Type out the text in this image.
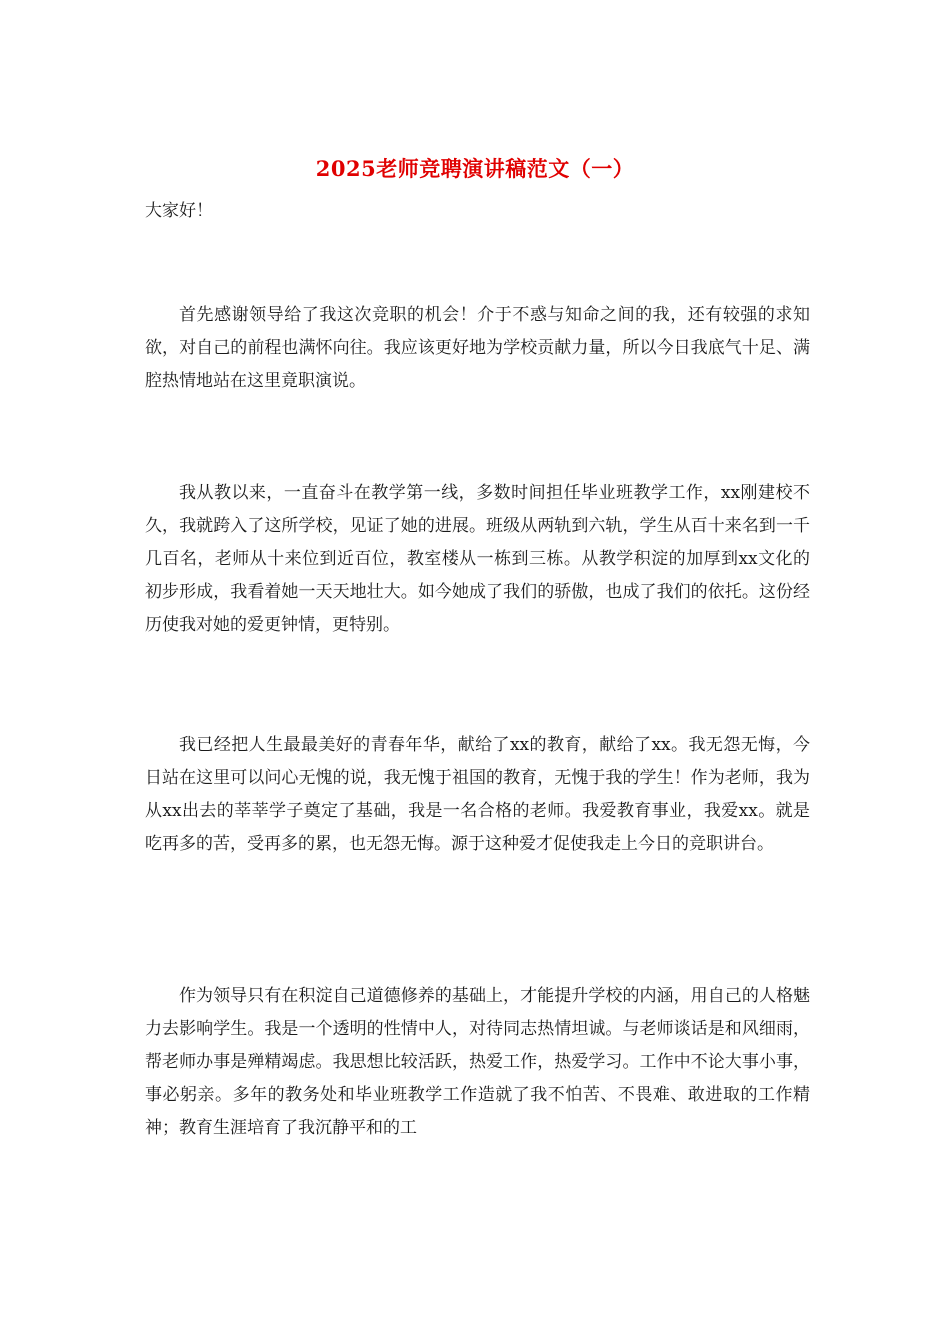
2025老师竞聘演讲稿范文（一）
大家好！

首先感谢领导给了我这次竞职的机会！介于不惑与知命之间的我，还有较强的求知欲，对自己的前程也满怀向往。我应该更好地为学校贡献力量，所以今日我底气十足、满腔热情地站在这里竟职演说。

我从教以来，一直奋斗在教学第一线，多数时间担任毕业班教学工作，xx刚建校不久，我就跨入了这所学校，见证了她的进展。班级从两轨到六轨，学生从百十来名到一千几百名，老师从十来位到近百位，教室楼从一栋到三栋。从教学积淀的加厚到xx文化的初步形成，我看着她一天天地壮大。如今她成了我们的骄傲，也成了我们的依托。这份经历使我对她的爱更钟情，更特别。

我已经把人生最最美好的青春年华，献给了xx的教育，献给了xx。我无怨无悔，今日站在这里可以问心无愧的说，我无愧于祖国的教育，无愧于我的学生！作为老师，我为从xx出去的莘莘学子奠定了基础，我是一名合格的老师。我爱教育事业，我爱xx。就是吃再多的苦，受再多的累，也无怨无悔。源于这种爱才促使我走上今日的竞职讲台。

作为领导只有在积淀自己道德修养的基础上，才能提升学校的内涵，用自己的人格魅力去影响学生。我是一个透明的性情中人，对待同志热情坦诚。与老师谈话是和风细雨，帮老师办事是殚精竭虑。我思想比较活跃，热爱工作，热爱学习。工作中不论大事小事，事必躬亲。多年的教务处和毕业班教学工作造就了我不怕苦、不畏难、敢进取的工作精神；教育生涯培育了我沉静平和的工
